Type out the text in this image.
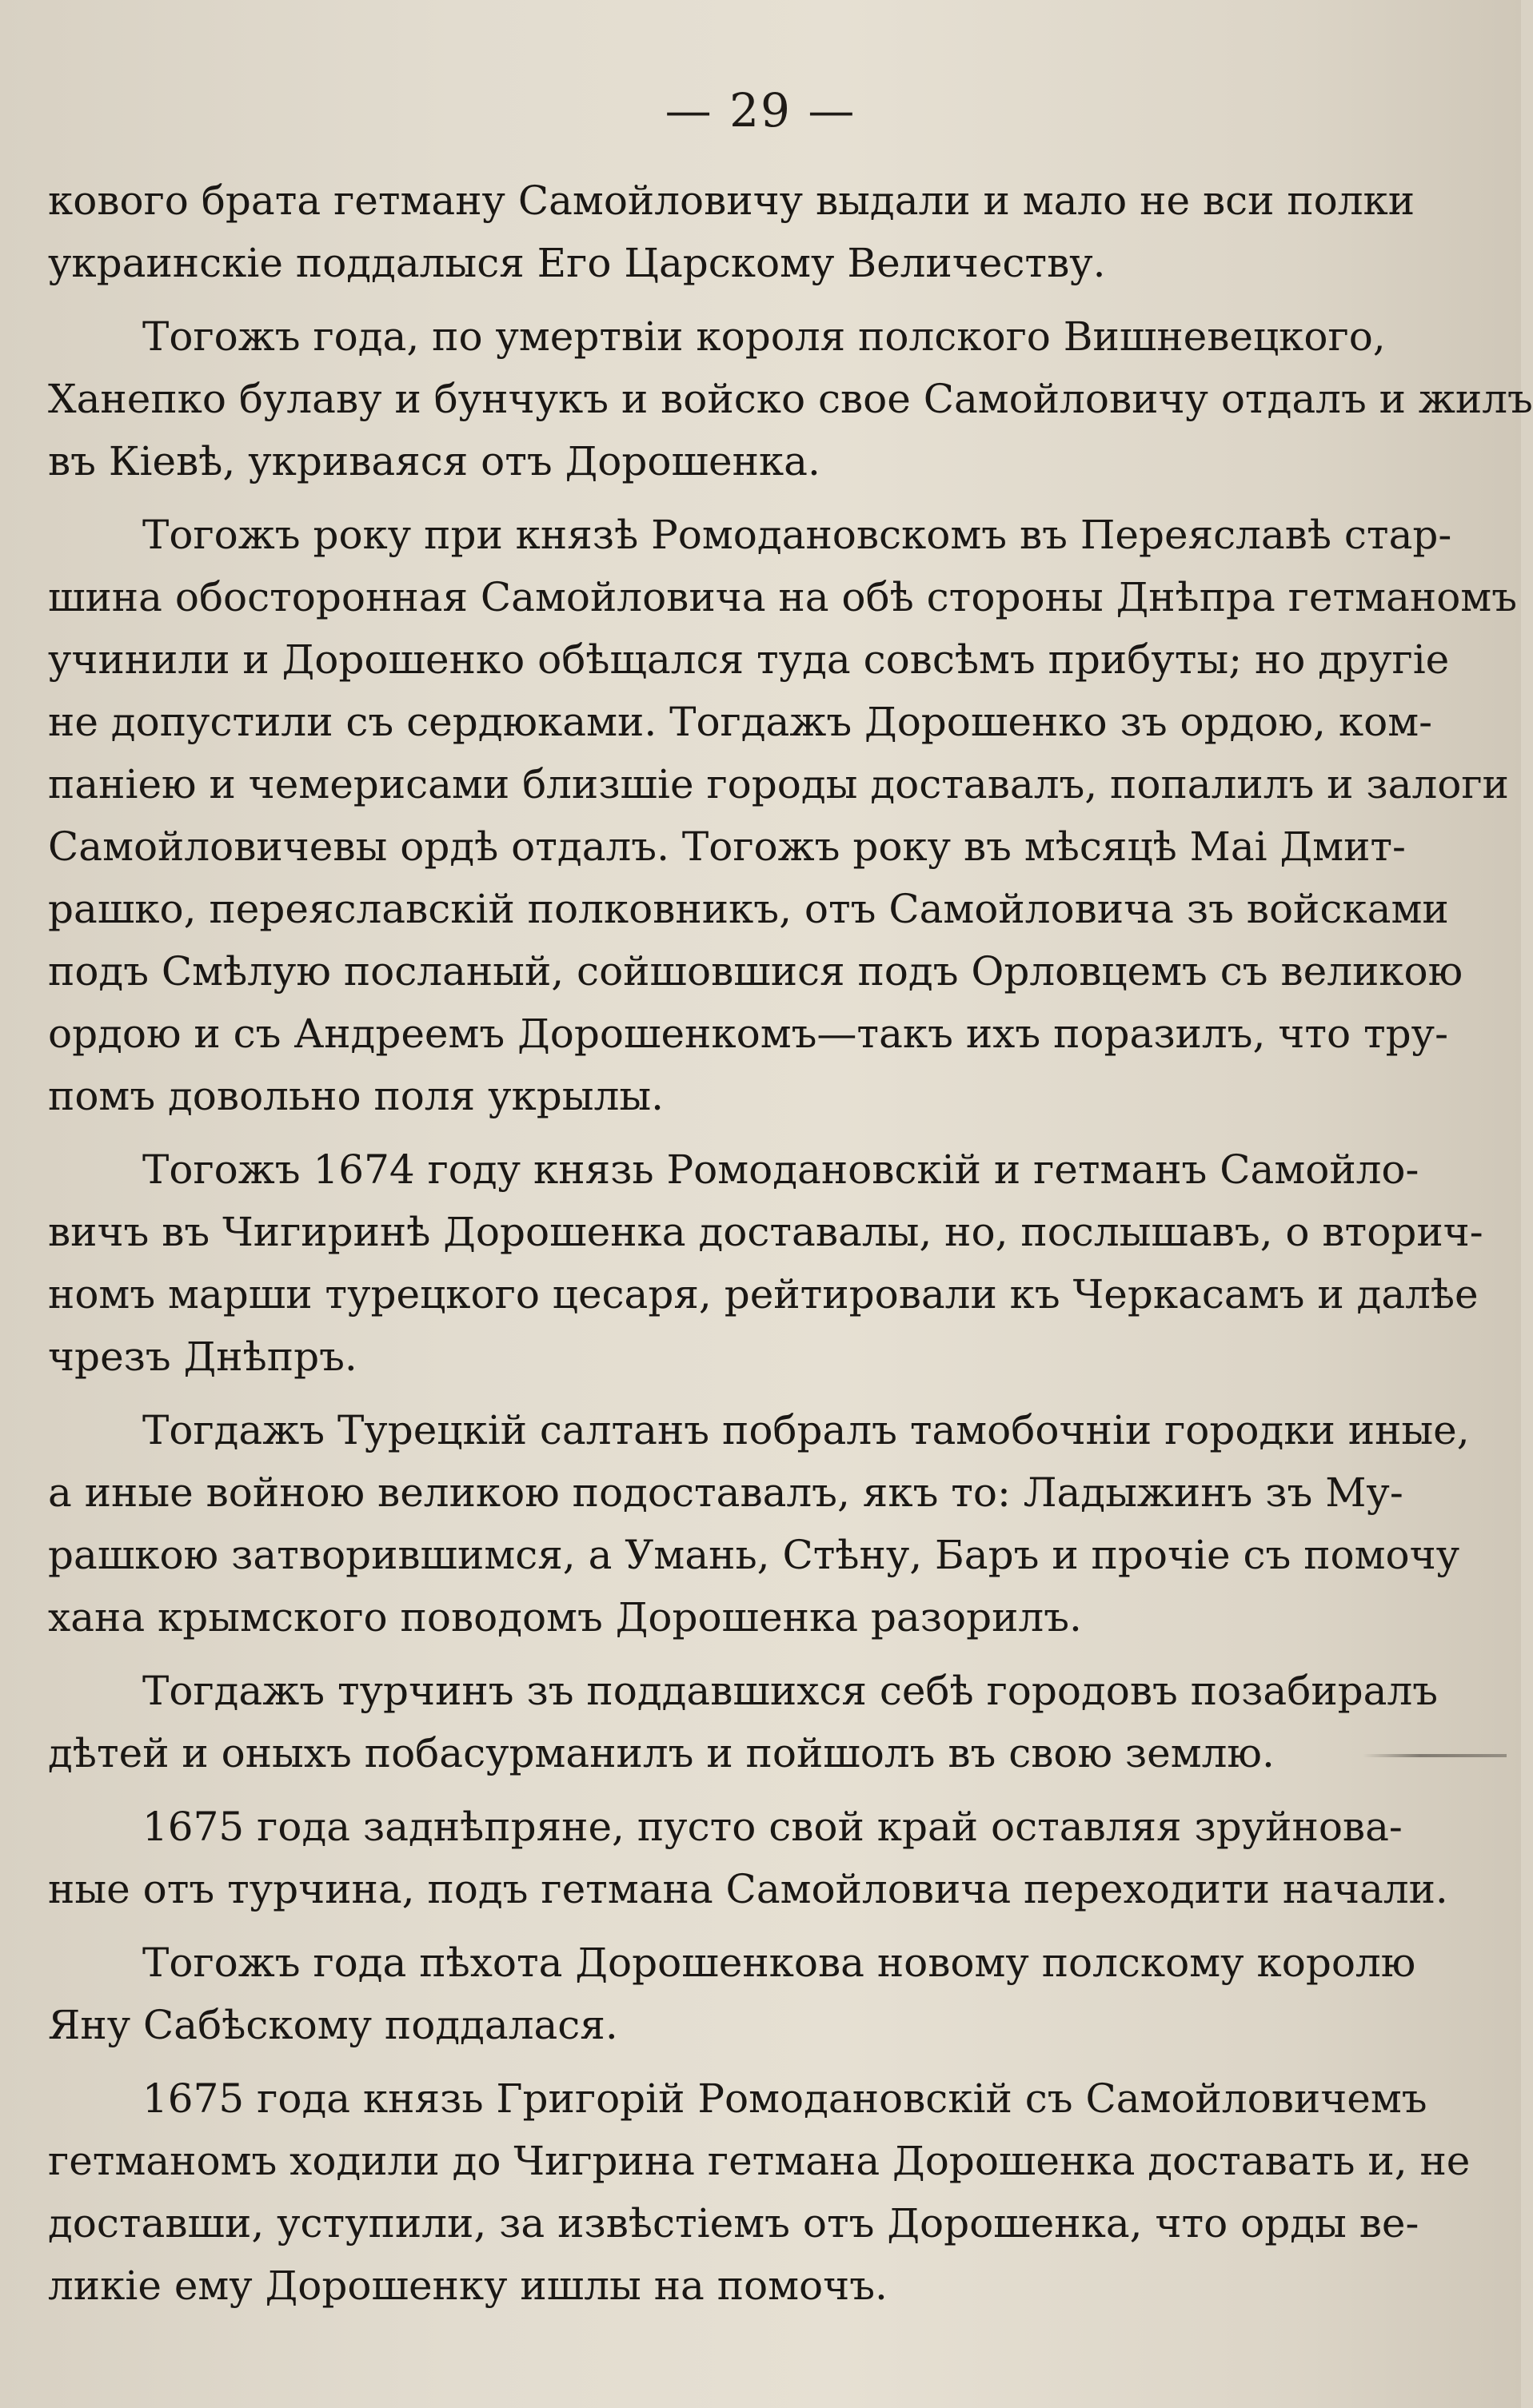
— 29 —
кового брата гетману Самойловичу выдали и мало не вси полки
украинскіе поддалыся Его Царскому Величеству.
Тогожъ года, по умертвіи короля полского Вишневецкого,
Ханепко булаву и бунчукъ и войско свое Самойловичу отдалъ и жилъ
въ Кіевѣ, укриваяся отъ Дорошенка.
Тогожъ року при князѣ Ромодановскомъ въ Переяславѣ стар-
шина обосторонная Самойловича на обѣ стороны Днѣпра гетманомъ
учинили и Дорошенко обѣщался туда совсѣмъ прибуты; но другіе
не допустили съ сердюками. Тогдажъ Дорошенко зъ ордою, ком-
паніею и чемерисами близшіе городы доставалъ, попалилъ и залоги
Самойловичевы ордѣ отдалъ. Тогожъ року въ мѣсяцѣ Маі Дмит-
рашко, переяславскій полковникъ, отъ Самойловича зъ войсками
подъ Смѣлую посланый, сойшовшися подъ Орловцемъ съ великою
ордою и съ Андреемъ Дорошенкомъ—такъ ихъ поразилъ, что тру-
помъ довольно поля укрылы.
Тогожъ 1674 году князь Ромодановскій и гетманъ Самойло-
вичъ въ Чигиринѣ Дорошенка доставалы, но, послышавъ, о вторич-
номъ марши турецкого цесаря, рейтировали къ Черкасамъ и далѣе
чрезъ Днѣпръ.
Тогдажъ Турецкій салтанъ побралъ тамобочніи городки иные,
а иные войною великою подоставалъ, якъ то: Ладыжинъ зъ Му-
рашкою затворившимся, а Умань, Стѣну, Баръ и прочіе съ помочу
хана крымского поводомъ Дорошенка разорилъ.
Тогдажъ турчинъ зъ поддавшихся себѣ городовъ позабиралъ
дѣтей и оныхъ побасурманилъ и пойшолъ въ свою землю.
1675 года заднѣпряне, пусто свой край оставляя зруйнова-
ные отъ турчина, подъ гетмана Самойловича переходити начали.
Тогожъ года пѣхота Дорошенкова новому полскому королю
Яну Сабѣскому поддалася.
1675 года князь Григорій Ромодановскій съ Самойловичемъ
гетманомъ ходили до Чигрина гетмана Дорошенка доставать и, не
доставши, уступили, за извѣстіемъ отъ Дорошенка, что орды ве-
ликіе ему Дорошенку ишлы на помочъ.
